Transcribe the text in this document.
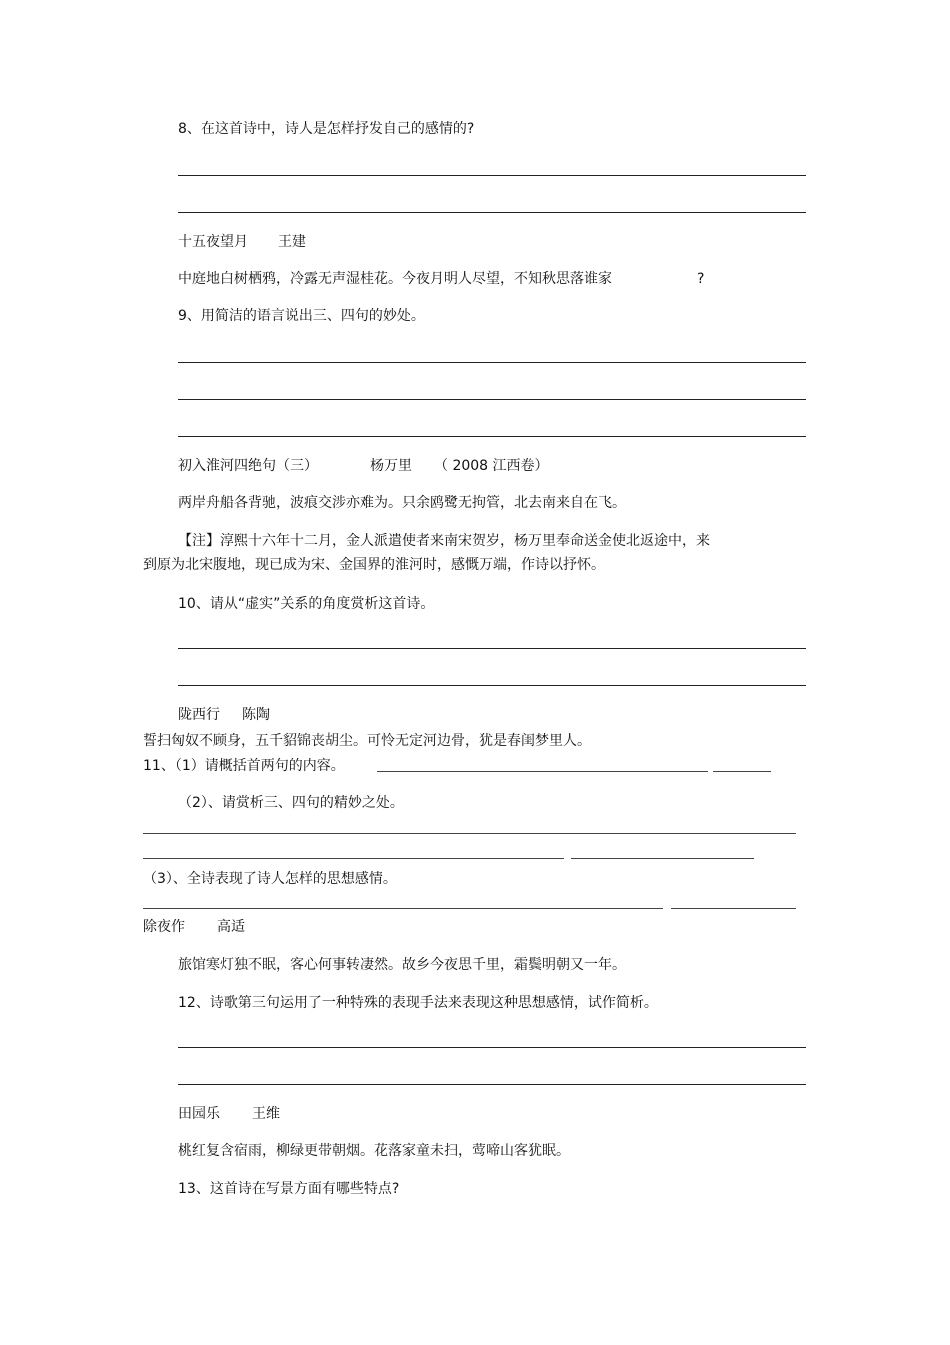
8、在这首诗中，诗人是怎样抒发自己的感情的?
十五夜望月 王建
中庭地白树栖鸦，冷露无声湿桂花。今夜月明人尽望，不知秋思落谁家	?
9、用简洁的语言说出三、四句的妙处。
初入淮河四绝句（三）	杨万里 （ 2008 江西卷）
两岸舟船各背驰，波痕交涉亦难为。只余鸥鹭无拘管，北去南来自在飞。
【注】淳熙十六年十二月，金人派遣使者来南宋贺岁，杨万里奉命送金使北返途中，来
到原为北宋腹地，现已成为宋、金国界的淮河时，感慨万端，作诗以抒怀。
10、请从“虚实”关系的角度赏析这首诗。
陇西行 陈陶
誓扫匈奴不顾身，五千貂锦丧胡尘。可怜无定河边骨，犹是春闺梦里人。
11、（1）请概括首两句的内容。
（2）、请赏析三、四句的精妙之处。
（3）、全诗表现了诗人怎样的思想感情。
除夜作 高适
旅馆寒灯独不眠，客心何事转凄然。故乡今夜思千里，霜鬓明朝又一年。
12、诗歌第三句运用了一种特殊的表现手法来表现这种思想感情，试作简析。
田园乐 王维
桃红复含宿雨，柳绿更带朝烟。花落家童未扫，莺啼山客犹眠。
13、这首诗在写景方面有哪些特点?
